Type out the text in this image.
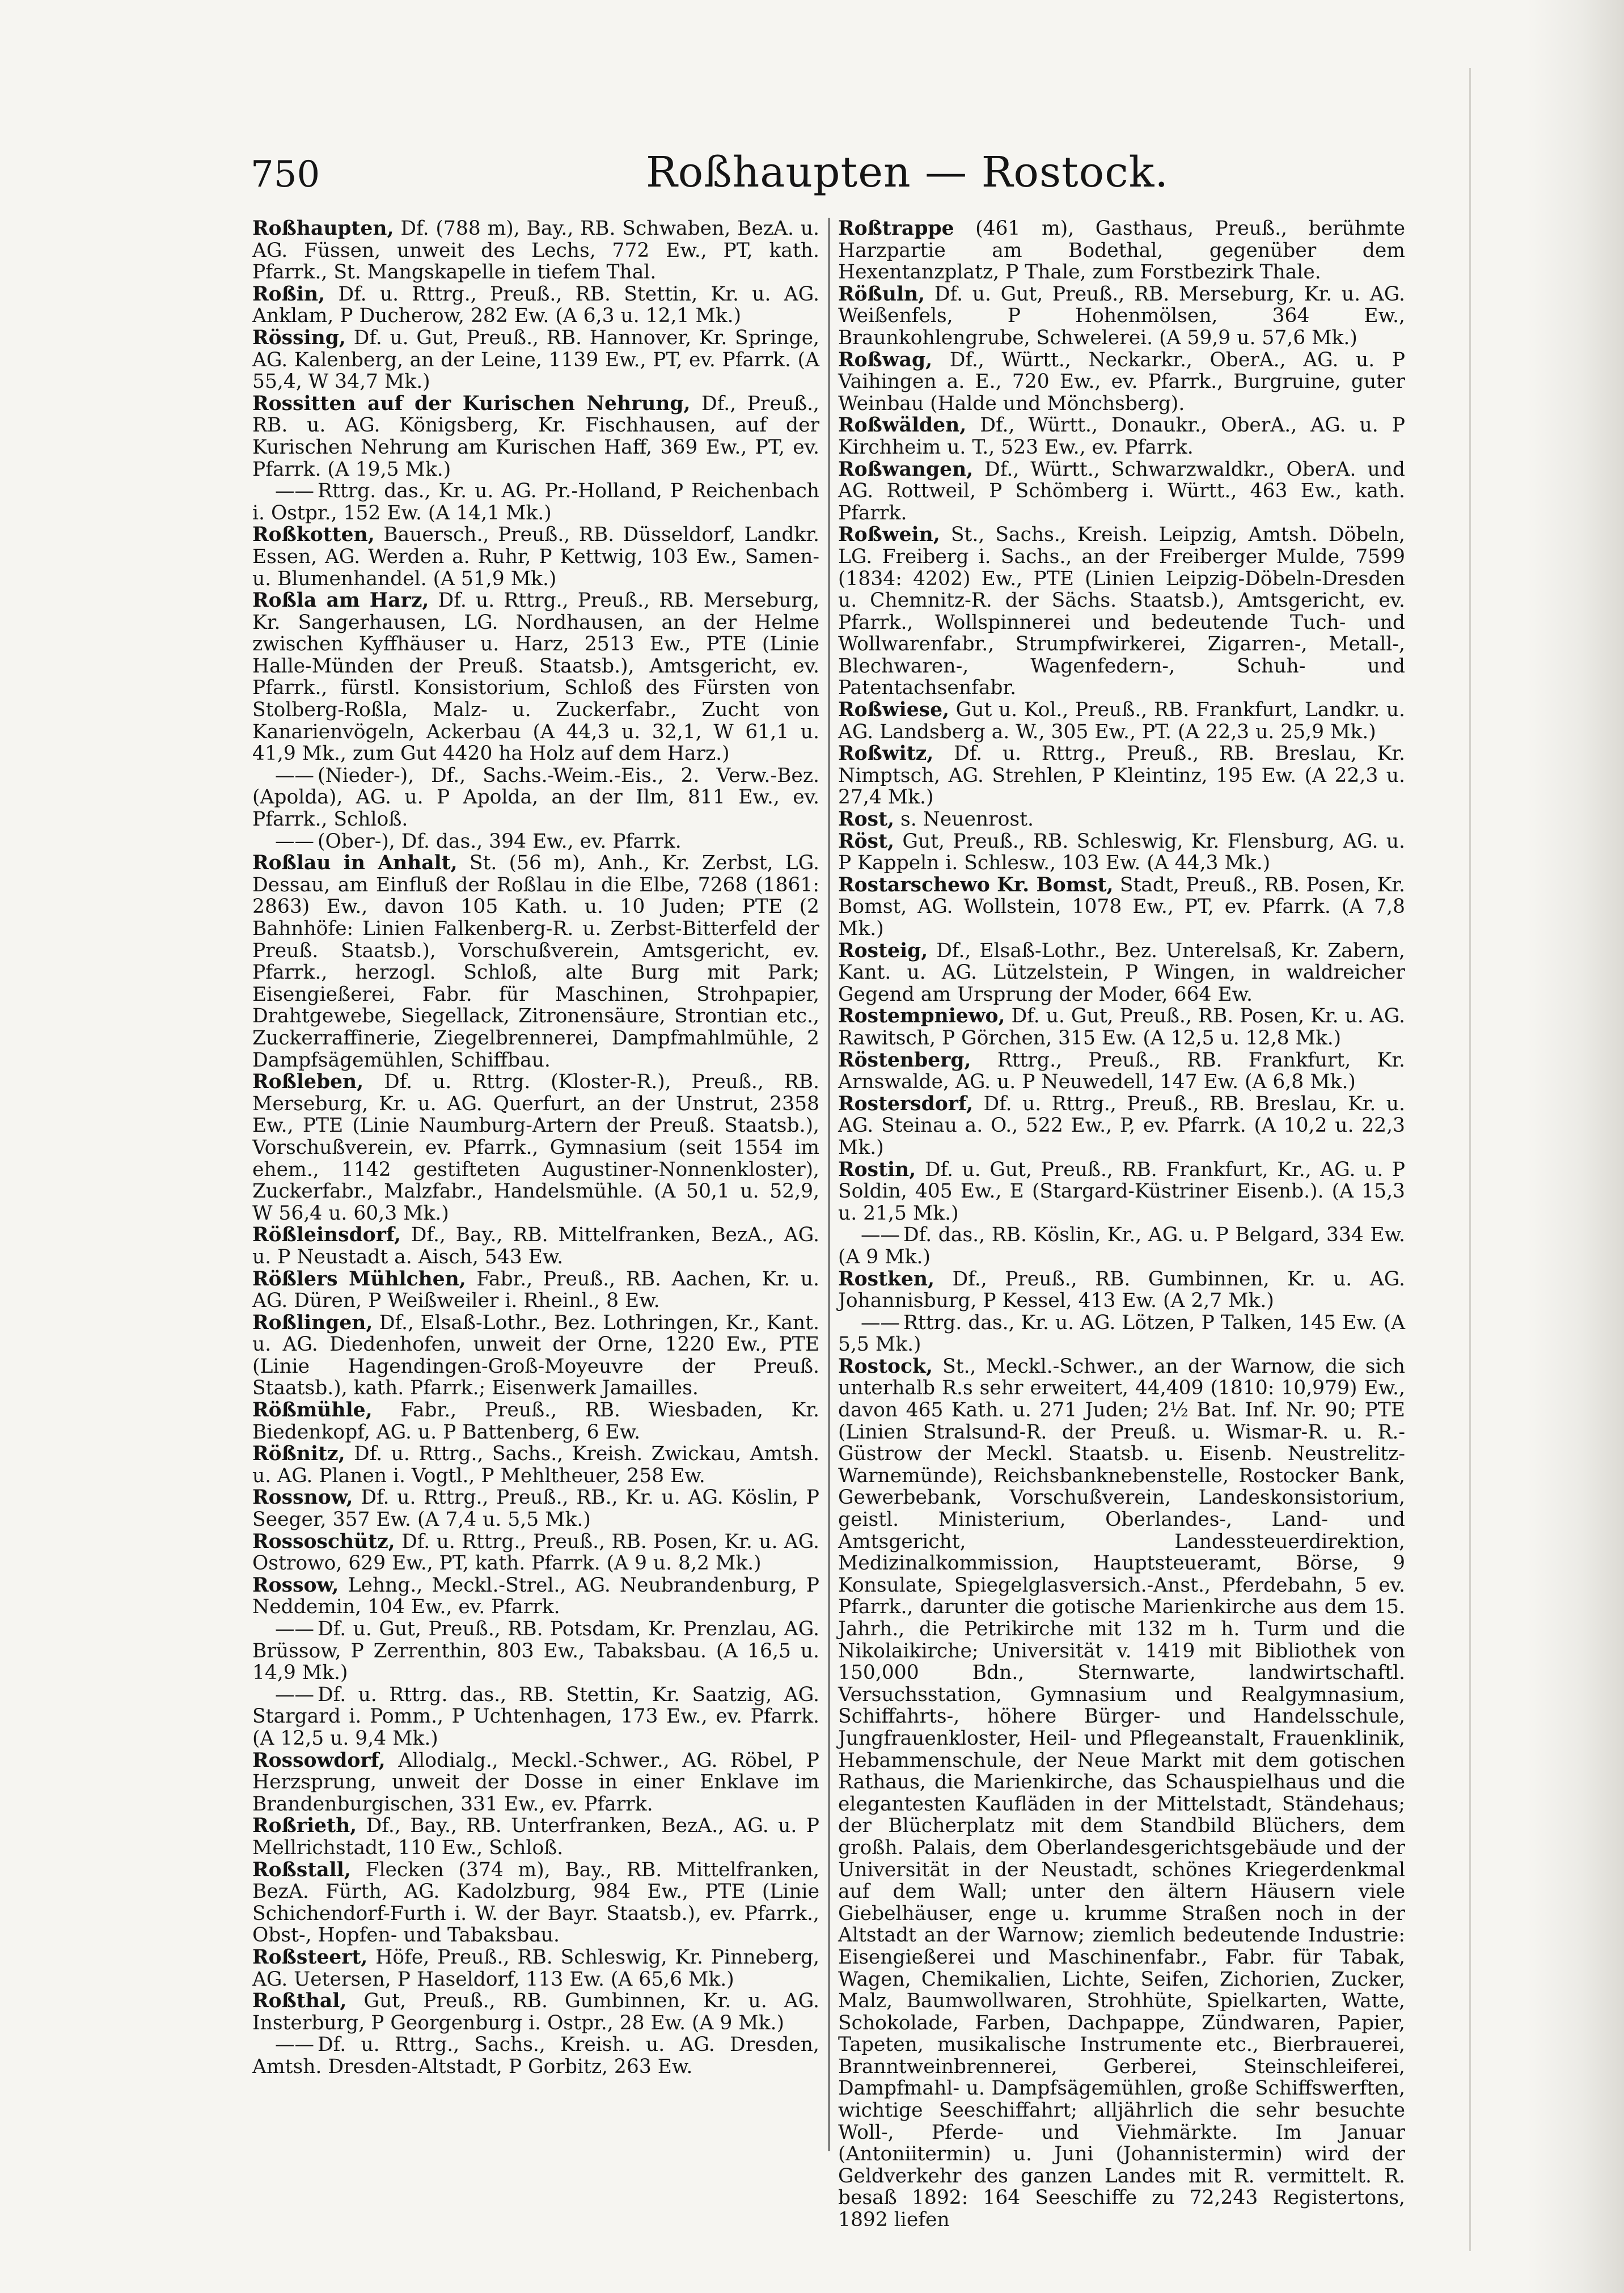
750	Roßhaupten — Rostock.

Roßhaupten, Df. (788 m), Bay., RB. Schwaben, BezA. u. AG. Füssen, unweit des Lechs, 772 Ew., PT, kath. Pfarrk., St. Mangskapelle in tiefem Thal.

Roßin, Df. u. Rttrg., Preuß., RB. Stettin, Kr. u. AG. Anklam, P Ducherow, 282 Ew. (A 6,3 u. 12,1 Mk.)

Rössing, Df. u. Gut, Preuß., RB. Hannover, Kr. Springe, AG. Kalenberg, an der Leine, 1139 Ew., PT, ev. Pfarrk. (A 55,4, W 34,7 Mk.)

Rossitten auf der Kurischen Nehrung, Df., Preuß., RB. u. AG. Königsberg, Kr. Fischhausen, auf der Kurischen Nehrung am Kurischen Haff, 369 Ew., PT, ev. Pfarrk. (A 19,5 Mk.)

—— Rttrg. das., Kr. u. AG. Pr.-Holland, P Reichenbach i. Ostpr., 152 Ew. (A 14,1 Mk.)

Roßkotten, Bauersch., Preuß., RB. Düsseldorf, Landkr. Essen, AG. Werden a. Ruhr, P Kettwig, 103 Ew., Samen- u. Blumenhandel. (A 51,9 Mk.)

Roßla am Harz, Df. u. Rttrg., Preuß., RB. Merseburg, Kr. Sangerhausen, LG. Nordhausen, an der Helme zwischen Kyffhäuser u. Harz, 2513 Ew., PTE (Linie Halle-Münden der Preuß. Staatsb.), Amtsgericht, ev. Pfarrk., fürstl. Konsistorium, Schloß des Fürsten von Stolberg-Roßla, Malz- u. Zuckerfabr., Zucht von Kanarienvögeln, Ackerbau (A 44,3 u. 32,1, W 61,1 u. 41,9 Mk., zum Gut 4420 ha Holz auf dem Harz.)

—— (Nieder-), Df., Sachs.-Weim.-Eis., 2. Verw.-Bez. (Apolda), AG. u. P Apolda, an der Ilm, 811 Ew., ev. Pfarrk., Schloß.

—— (Ober-), Df. das., 394 Ew., ev. Pfarrk.

Roßlau in Anhalt, St. (56 m), Anh., Kr. Zerbst, LG. Dessau, am Einfluß der Roßlau in die Elbe, 7268 (1861: 2863) Ew., davon 105 Kath. u. 10 Juden; PTE (2 Bahnhöfe: Linien Falkenberg-R. u. Zerbst-Bitterfeld der Preuß. Staatsb.), Vorschußverein, Amtsgericht, ev. Pfarrk., herzogl. Schloß, alte Burg mit Park; Eisengießerei, Fabr. für Maschinen, Strohpapier, Drahtgewebe, Siegellack, Zitronensäure, Strontian etc., Zuckerraffinerie, Ziegelbrennerei, Dampfmahlmühle, 2 Dampfsägemühlen, Schiffbau.

Roßleben, Df. u. Rttrg. (Kloster-R.), Preuß., RB. Merseburg, Kr. u. AG. Querfurt, an der Unstrut, 2358 Ew., PTE (Linie Naumburg-Artern der Preuß. Staatsb.), Vorschußverein, ev. Pfarrk., Gymnasium (seit 1554 im ehem., 1142 gestifteten Augustiner-Nonnenkloster), Zuckerfabr., Malzfabr., Handelsmühle. (A 50,1 u. 52,9, W 56,4 u. 60,3 Mk.)

Rößleinsdorf, Df., Bay., RB. Mittelfranken, BezA., AG. u. P Neustadt a. Aisch, 543 Ew.

Rößlers Mühlchen, Fabr., Preuß., RB. Aachen, Kr. u. AG. Düren, P Weißweiler i. Rheinl., 8 Ew.

Roßlingen, Df., Elsaß-Lothr., Bez. Lothringen, Kr., Kant. u. AG. Diedenhofen, unweit der Orne, 1220 Ew., PTE (Linie Hagendingen-Groß-Moyeuvre der Preuß. Staatsb.), kath. Pfarrk.; Eisenwerk Jamailles.

Rößmühle, Fabr., Preuß., RB. Wiesbaden, Kr. Biedenkopf, AG. u. P Battenberg, 6 Ew.

Rößnitz, Df. u. Rttrg., Sachs., Kreish. Zwickau, Amtsh. u. AG. Planen i. Vogtl., P Mehltheuer, 258 Ew.

Rossnow, Df. u. Rttrg., Preuß., RB., Kr. u. AG. Köslin, P Seeger, 357 Ew. (A 7,4 u. 5,5 Mk.)

Rossoschütz, Df. u. Rttrg., Preuß., RB. Posen, Kr. u. AG. Ostrowo, 629 Ew., PT, kath. Pfarrk. (A 9 u. 8,2 Mk.)

Rossow, Lehng., Meckl.-Strel., AG. Neubrandenburg, P Neddemin, 104 Ew., ev. Pfarrk.

—— Df. u. Gut, Preuß., RB. Potsdam, Kr. Prenzlau, AG. Brüssow, P Zerrenthin, 803 Ew., Tabaksbau. (A 16,5 u. 14,9 Mk.)

—— Df. u. Rttrg. das., RB. Stettin, Kr. Saatzig, AG. Stargard i. Pomm., P Uchtenhagen, 173 Ew., ev. Pfarrk. (A 12,5 u. 9,4 Mk.)

Rossowdorf, Allodialg., Meckl.-Schwer., AG. Röbel, P Herzsprung, unweit der Dosse in einer Enklave im Brandenburgischen, 331 Ew., ev. Pfarrk.

Roßrieth, Df., Bay., RB. Unterfranken, BezA., AG. u. P Mellrichstadt, 110 Ew., Schloß.

Roßstall, Flecken (374 m), Bay., RB. Mittelfranken, BezA. Fürth, AG. Kadolzburg, 984 Ew., PTE (Linie Schichendorf-Furth i. W. der Bayr. Staatsb.), ev. Pfarrk., Obst-, Hopfen- und Tabaksbau.

Roßsteert, Höfe, Preuß., RB. Schleswig, Kr. Pinneberg, AG. Uetersen, P Haseldorf, 113 Ew. (A 65,6 Mk.)

Roßthal, Gut, Preuß., RB. Gumbinnen, Kr. u. AG. Insterburg, P Georgenburg i. Ostpr., 28 Ew. (A 9 Mk.)

—— Df. u. Rttrg., Sachs., Kreish. u. AG. Dresden, Amtsh. Dresden-Altstadt, P Gorbitz, 263 Ew.

Roßtrappe (461 m), Gasthaus, Preuß., berühmte Harzpartie am Bodethal, gegenüber dem Hexentanzplatz, P Thale, zum Forstbezirk Thale.

Rößuln, Df. u. Gut, Preuß., RB. Merseburg, Kr. u. AG. Weißenfels, P Hohenmölsen, 364 Ew., Braunkohlengrube, Schwelerei. (A 59,9 u. 57,6 Mk.)

Roßwag, Df., Württ., Neckarkr., OberA., AG. u. P Vaihingen a. E., 720 Ew., ev. Pfarrk., Burgruine, guter Weinbau (Halde und Mönchsberg).

Roßwälden, Df., Württ., Donaukr., OberA., AG. u. P Kirchheim u. T., 523 Ew., ev. Pfarrk.

Roßwangen, Df., Württ., Schwarzwaldkr., OberA. und AG. Rottweil, P Schömberg i. Württ., 463 Ew., kath. Pfarrk.

Roßwein, St., Sachs., Kreish. Leipzig, Amtsh. Döbeln, LG. Freiberg i. Sachs., an der Freiberger Mulde, 7599 (1834: 4202) Ew., PTE (Linien Leipzig-Döbeln-Dresden u. Chemnitz-R. der Sächs. Staatsb.), Amtsgericht, ev. Pfarrk., Wollspinnerei und bedeutende Tuch- und Wollwarenfabr., Strumpfwirkerei, Zigarren-, Metall-, Blechwaren-, Wagenfedern-, Schuh- und Patentachsenfabr.

Roßwiese, Gut u. Kol., Preuß., RB. Frankfurt, Landkr. u. AG. Landsberg a. W., 305 Ew., PT. (A 22,3 u. 25,9 Mk.)

Roßwitz, Df. u. Rttrg., Preuß., RB. Breslau, Kr. Nimptsch, AG. Strehlen, P Kleintinz, 195 Ew. (A 22,3 u. 27,4 Mk.)

Rost, s. Neuenrost.

Röst, Gut, Preuß., RB. Schleswig, Kr. Flensburg, AG. u. P Kappeln i. Schlesw., 103 Ew. (A 44,3 Mk.)

Rostarschewo Kr. Bomst, Stadt, Preuß., RB. Posen, Kr. Bomst, AG. Wollstein, 1078 Ew., PT, ev. Pfarrk. (A 7,8 Mk.)

Rosteig, Df., Elsaß-Lothr., Bez. Unterelsaß, Kr. Zabern, Kant. u. AG. Lützelstein, P Wingen, in waldreicher Gegend am Ursprung der Moder, 664 Ew.

Rostempniewo, Df. u. Gut, Preuß., RB. Posen, Kr. u. AG. Rawitsch, P Görchen, 315 Ew. (A 12,5 u. 12,8 Mk.)

Röstenberg, Rttrg., Preuß., RB. Frankfurt, Kr. Arnswalde, AG. u. P Neuwedell, 147 Ew. (A 6,8 Mk.)

Rostersdorf, Df. u. Rttrg., Preuß., RB. Breslau, Kr. u. AG. Steinau a. O., 522 Ew., P, ev. Pfarrk. (A 10,2 u. 22,3 Mk.)

Rostin, Df. u. Gut, Preuß., RB. Frankfurt, Kr., AG. u. P Soldin, 405 Ew., E (Stargard-Küstriner Eisenb.). (A 15,3 u. 21,5 Mk.)

—— Df. das., RB. Köslin, Kr., AG. u. P Belgard, 334 Ew. (A 9 Mk.)

Rostken, Df., Preuß., RB. Gumbinnen, Kr. u. AG. Johannisburg, P Kessel, 413 Ew. (A 2,7 Mk.)

—— Rttrg. das., Kr. u. AG. Lötzen, P Talken, 145 Ew. (A 5,5 Mk.)

Rostock, St., Meckl.-Schwer., an der Warnow, die sich unterhalb R.s sehr erweitert, 44,409 (1810: 10,979) Ew., davon 465 Kath. u. 271 Juden; 2½ Bat. Inf. Nr. 90; PTE (Linien Stralsund-R. der Preuß. u. Wismar-R. u. R.-Güstrow der Meckl. Staatsb. u. Eisenb. Neustrelitz-Warnemünde), Reichsbanknebenstelle, Rostocker Bank, Gewerbebank, Vorschußverein, Landeskonsistorium, geistl. Ministerium, Oberlandes-, Land- und Amtsgericht, Landessteuerdirektion, Medizinalkommission, Hauptsteueramt, Börse, 9 Konsulate, Spiegelglasversich.-Anst., Pferdebahn, 5 ev. Pfarrk., darunter die gotische Marienkirche aus dem 15. Jahrh., die Petrikirche mit 132 m h. Turm und die Nikolaikirche; Universität v. 1419 mit Bibliothek von 150,000 Bdn., Sternwarte, landwirtschaftl. Versuchsstation, Gymnasium und Realgymnasium, Schiffahrts-, höhere Bürger- und Handelsschule, Jungfrauenkloster, Heil- und Pflegeanstalt, Frauenklinik, Hebammenschule, der Neue Markt mit dem gotischen Rathaus, die Marienkirche, das Schauspielhaus und die elegantesten Kaufläden in der Mittelstadt, Ständehaus; der Blücherplatz mit dem Standbild Blüchers, dem großh. Palais, dem Oberlandesgerichtsgebäude und der Universität in der Neustadt, schönes Kriegerdenkmal auf dem Wall; unter den ältern Häusern viele Giebelhäuser, enge u. krumme Straßen noch in der Altstadt an der Warnow; ziemlich bedeutende Industrie: Eisengießerei und Maschinenfabr., Fabr. für Tabak, Wagen, Chemikalien, Lichte, Seifen, Zichorien, Zucker, Malz, Baumwollwaren, Strohhüte, Spielkarten, Watte, Schokolade, Farben, Dachpappe, Zündwaren, Papier, Tapeten, musikalische Instrumente etc., Bierbrauerei, Branntweinbrennerei, Gerberei, Steinschleiferei, Dampfmahl- u. Dampfsägemühlen, große Schiffswerften, wichtige Seeschiffahrt; alljährlich die sehr besuchte Woll-, Pferde- und Viehmärkte. Im Januar (Antoniitermin) u. Juni (Johannistermin) wird der Geldverkehr des ganzen Landes mit R. vermittelt. R. besaß 1892: 164 Seeschiffe zu 72,243 Registertons, 1892 liefen
